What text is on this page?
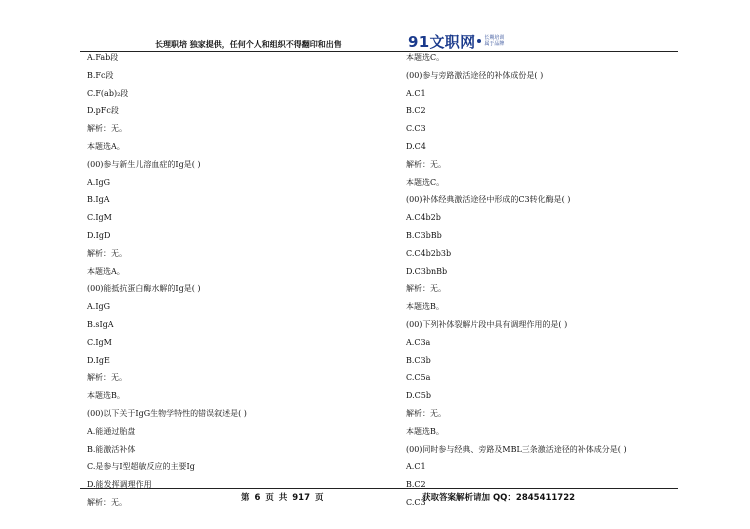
长理职培 独家提供，任何个人和组织不得翻印和出售	91文职网 长期培训
属于品牌
A.Fab段
B.Fc段
C.F(ab)₂段
D.pFc段
解析：无。
本题选A。
(00)参与新生儿溶血症的Ig是( )
A.IgG
B.IgA
C.IgM
D.IgD
解析：无。
本题选A。
(00)能抵抗蛋白酶水解的Ig是( )
A.IgG
B.sIgA
C.IgM
D.IgE
解析：无。
本题选B。
(00)以下关于IgG生物学特性的错误叙述是( )
A.能通过胎盘
B.能激活补体
C.是参与I型超敏反应的主要Ig
D.能发挥调理作用
解析：无。
本题选C。
(00)参与旁路激活途径的补体成份是( )
A.C1
B.C2
C.C3
D.C4
解析：无。
本题选C。
(00)补体经典激活途径中形成的C3转化酶是( )
A.C4b2b
B.C3bBb
C.C4b2b3b
D.C3bnBb
解析：无。
本题选B。
(00)下列补体裂解片段中具有调理作用的是( )
A.C3a
B.C3b
C.C5a
D.C5b
解析：无。
本题选B。
(00)同时参与经典、旁路及MBL三条激活途径的补体成分是( )
A.C1
B.C2
C.C3
第 6 页 共 917 页	获取答案解析请加 QQ：2845411722
